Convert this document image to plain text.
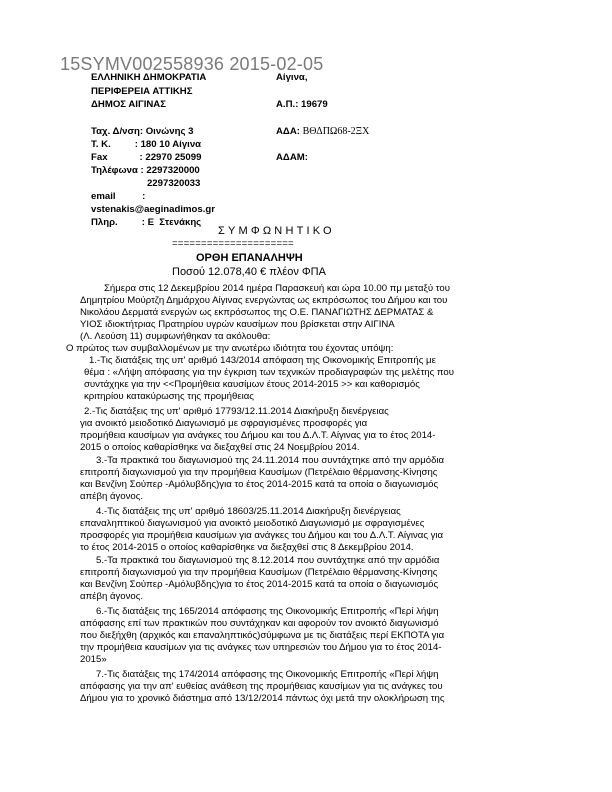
15SYMV002558936 2015-02-05
ΕΛΛΗΝΙΚΗ ΔΗΜΟΚΡΑΤΙΑ
ΠΕΡΙΦΕΡΕΙΑ ΑΤΤΙΚΗΣ
ΔΗΜΟΣ ΑΙΓΙΝΑΣ
Ταχ. Δ/νση: Οινώνης 3
Τ. Κ.         : 180 10 Αίγινα
Fax            : 22970 25099
Τηλέφωνα : 2297320000
2297320033
email          :
vstenakis@aeginadimos.gr
Πληρ.         : Ε  Στενάκης
Αίγινα,
Α.Π.: 19679
ΑΔΑ: ΒΘΔΠΩ68-2ΞΧ
ΑΔΑΜ:
ΣΥΜΦΩΝΗΤΙΚΟ
=====================
ΟΡΘΗ ΕΠΑΝΑΛΗΨΗ
Ποσού 12.078,40 € πλέον ΦΠΑ
Σήμερα στις 12 Δεκεμβρίου 2014 ημέρα Παρασκευή και ώρα 10.00 πμ μεταξύ του
Δημητρίου Μούρτζη Δημάρχου Αίγινας ενεργώντας ως εκπρόσωπος του Δήμου και του
Νικολάου Δερματά ενεργών ως εκπρόσωπος της Ο.Ε. ΠΑΝΑΓΙΩΤΗΣ ΔΕΡΜΑΤΑΣ &
ΥΙΟΣ ιδιοκτήτριας Πρατηρίου υγρών καυσίμων που βρίσκεται στην ΑΙΓΙΝΑ
(Λ. Λεούση 11) συμφωνήθηκαν τα ακόλουθα:
Ο πρώτος των συμβαλλομένων με την ανωτέρω ιδιότητα του έχοντας υπόψη:
1.-Τις διατάξεις της υπ' αριθμό 143/2014 απόφαση της Οικονομικής Επιτροπής με
θέμα : «Λήψη απόφασης για την έγκριση των τεχνικών προδιαγραφών της μελέτης που
συντάχηκε για την <<Προμήθεια καυσίμων έτους 2014-2015 >> και καθορισμός
κριτηρίου κατακύρωσης της προμήθειας
2.-Τις διατάξεις της υπ' αριθμό 17793/12.11.2014 Διακήρυξη διενέργειας
για ανοικτό μειοδοτικό Διαγωνισμό με σφραγισμένες προσφορές για
προμήθεια καυσίμων για ανάγκες του Δήμου και του Δ.Λ.Τ. Αίγινας για το έτος 2014-
2015 ο οποίος καθαρίσθηκε να διεξαχθεί στις 24 Νοεμβρίου 2014.
3.-Τα πρακτικά του διαγωνισμού της 24.11.2014 που συντάχτηκε από την αρμόδια
επιτροπή διαγωνισμού για την προμήθεια Καυσίμων (Πετρέλαιο θέρμανσης-Κίνησης
και Βενζίνη Σούπερ -Αμόλυβδης)για το έτος 2014-2015 κατά τα οποία ο διαγωνισμός
απέβη άγονος.
4.-Τις διατάξεις της υπ' αριθμό 18603/25.11.2014 Διακήρυξη διενέργειας
επαναληπτικού διαγωνισμού για ανοικτό μειοδοτικό Διαγωνισμό με σφραγισμένες
προσφορές για προμήθεια καυσίμων για ανάγκες του Δήμου και του Δ.Λ.Τ. Αίγινας για
το έτος 2014-2015 ο οποίος καθαρίσθηκε να διεξαχθεί στις 8 Δεκεμβρίου 2014.
5.-Τα πρακτικά του διαγωνισμού της 8.12.2014 που συντάχτηκε από την αρμόδια
επιτροπή διαγωνισμού για την προμήθεια Καυσίμων (Πετρέλαιο θέρμανσης-Κίνησης
και Βενζίνη Σούπερ -Αμόλυβδης)για το έτος 2014-2015 κατά τα οποία ο διαγωνισμός
απέβη άγονος.
6.-Τις διατάξεις της 165/2014 απόφασης της Οικονομικής Επιτροπής «Περί λήψη
απόφασης επί των πρακτικών που συντάχηκαν και αφορούν τον ανοικτό διαγωνισμό
που διεξήχθη (αρχικός και επαναληπτικός)σύμφωνα με τις διατάξεις περί ΕΚΠΟΤΑ για
την προμήθεια καυσίμων για τις ανάγκες των υπηρεσιών του Δήμου για το έτος 2014-
2015»
7.-Τις διατάξεις της 174/2014 απόφασης της Οικονομικής Επιτροπής «Περί λήψη
απόφασης για την απ' ευθείας ανάθεση της προμήθειας καυσίμων για τις ανάγκες του
Δήμου για το χρονικό διάστημα από 13/12/2014 πάντως όχι μετά την ολοκλήρωση της
